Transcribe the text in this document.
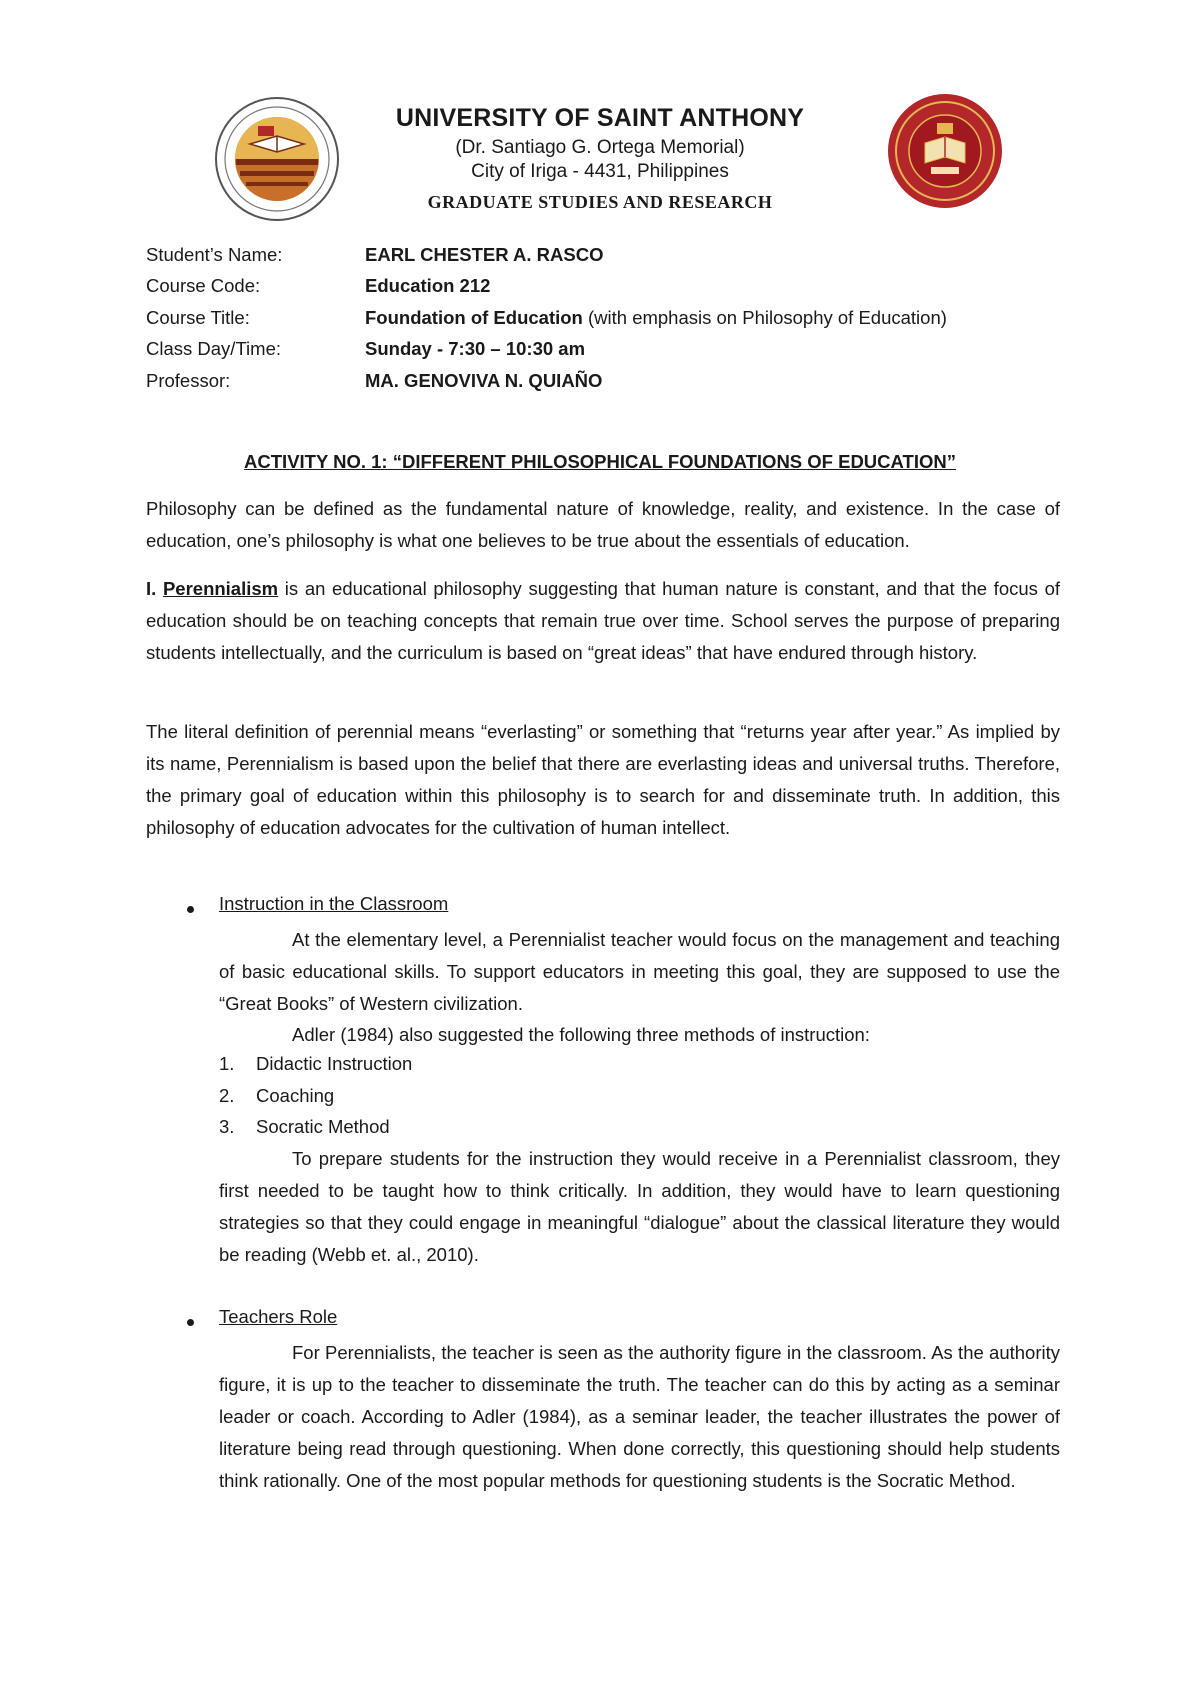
UNIVERSITY OF SAINT ANTHONY
(Dr. Santiago G. Ortega Memorial)
City of Iriga - 4431, Philippines
GRADUATE STUDIES AND RESEARCH
Student’s Name:	EARL CHESTER A. RASCO
Course Code:	Education 212
Course Title:	Foundation of Education (with emphasis on Philosophy of Education)
Class Day/Time:	Sunday - 7:30 – 10:30 am
Professor:	MA. GENOVIVA N. QUIAÑO
ACTIVITY NO. 1: “DIFFERENT PHILOSOPHICAL FOUNDATIONS OF EDUCATION”

Philosophy can be defined as the fundamental nature of knowledge, reality, and existence. In the case of education, one’s philosophy is what one believes to be true about the essentials of education.

I. Perennialism is an educational philosophy suggesting that human nature is constant, and that the focus of education should be on teaching concepts that remain true over time. School serves the purpose of preparing students intellectually, and the curriculum is based on “great ideas” that have endured through history.

The literal definition of perennial means “everlasting” or something that “returns year after year.” As implied by its name, Perennialism is based upon the belief that there are everlasting ideas and universal truths. Therefore, the primary goal of education within this philosophy is to search for and disseminate truth. In addition, this philosophy of education advocates for the cultivation of human intellect.

Instruction in the Classroom

At the elementary level, a Perennialist teacher would focus on the management and teaching of basic educational skills. To support educators in meeting this goal, they are supposed to use the “Great Books” of Western civilization.

Adler (1984) also suggested the following three methods of instruction:

1. Didactic Instruction
2. Coaching
3. Socratic Method

To prepare students for the instruction they would receive in a Perennialist classroom, they first needed to be taught how to think critically. In addition, they would have to learn questioning strategies so that they could engage in meaningful “dialogue” about the classical literature they would be reading (Webb et. al., 2010).

Teachers Role

For Perennialists, the teacher is seen as the authority figure in the classroom. As the authority figure, it is up to the teacher to disseminate the truth. The teacher can do this by acting as a seminar leader or coach. According to Adler (1984), as a seminar leader, the teacher illustrates the power of literature being read through questioning. When done correctly, this questioning should help students think rationally. One of the most popular methods for questioning students is the Socratic Method.
